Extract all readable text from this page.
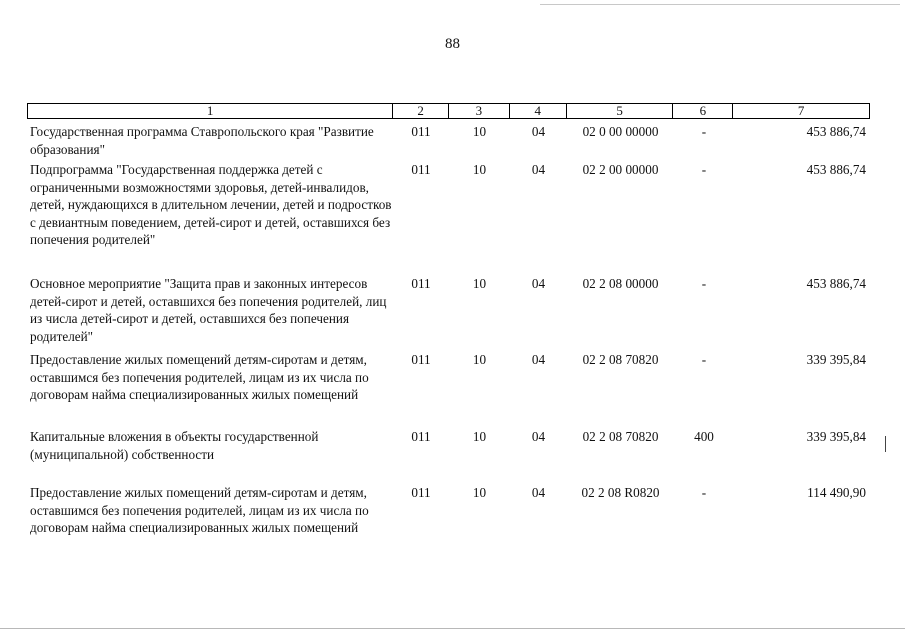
88
1	2	3	4	5	6	7
Государственная программа Ставропольского края "Развитие образования"
011	10	04	02 0 00 00000	-	453 886,74
Подпрограмма "Государственная поддержка детей с ограниченными возможностями здоровья, детей-инвалидов, детей, нуждающихся в длительном лечении, детей и подростков с девиантным поведением, детей-сирот и детей, оставшихся без попечения родителей"
011	10	04	02 2 00 00000	-	453 886,74
Основное мероприятие "Защита прав и законных интересов детей-сирот и детей, оставшихся без попечения родителей, лиц из числа детей-сирот и детей, оставшихся без попечения родителей"
011	10	04	02 2 08 00000	-	453 886,74
Предоставление жилых помещений детям-сиротам и детям, оставшимся без попечения родителей, лицам из их числа по договорам найма специализированных жилых помещений
011	10	04	02 2 08 70820	-	339 395,84
Капитальные вложения в объекты государственной (муниципальной) собственности
011	10	04	02 2 08 70820	400	339 395,84
Предоставление жилых помещений детям-сиротам и детям, оставшимся без попечения родителей, лицам из их числа по договорам найма специализированных жилых помещений
011	10	04	02 2 08 R0820	-	114 490,90
